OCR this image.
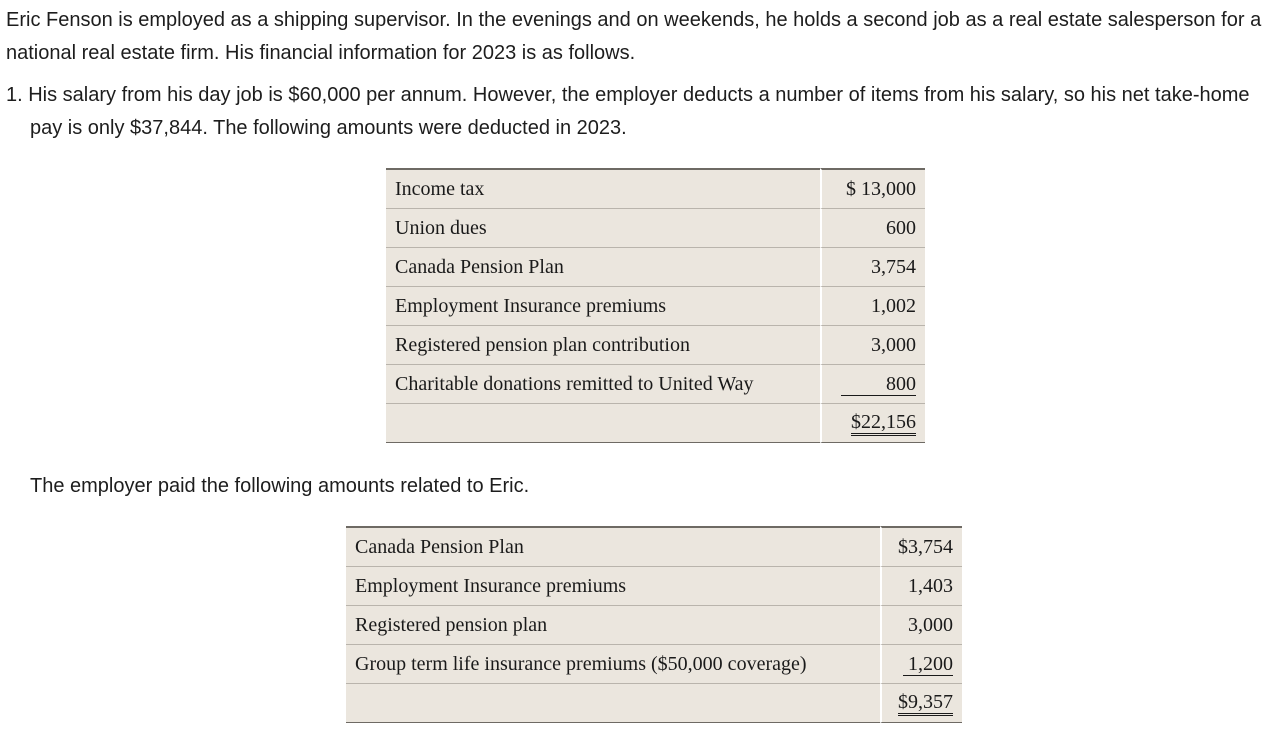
Eric Fenson is employed as a shipping supervisor. In the evenings and on weekends, he holds a second job as a real estate salesperson for a national real estate firm. His financial information for 2023 is as follows.

1. His salary from his day job is $60,000 per annum. However, the employer deducts a number of items from his salary, so his net take-home pay is only $37,844. The following amounts were deducted in 2023.

Income tax	$ 13,000
Union dues	600
Canada Pension Plan	3,754
Employment Insurance premiums	1,002
Registered pension plan contribution	3,000
Charitable donations remitted to United Way	800
	$22,156

The employer paid the following amounts related to Eric.

Canada Pension Plan	$3,754
Employment Insurance premiums	1,403
Registered pension plan	3,000
Group term life insurance premiums ($50,000 coverage)	1,200
	$9,357
